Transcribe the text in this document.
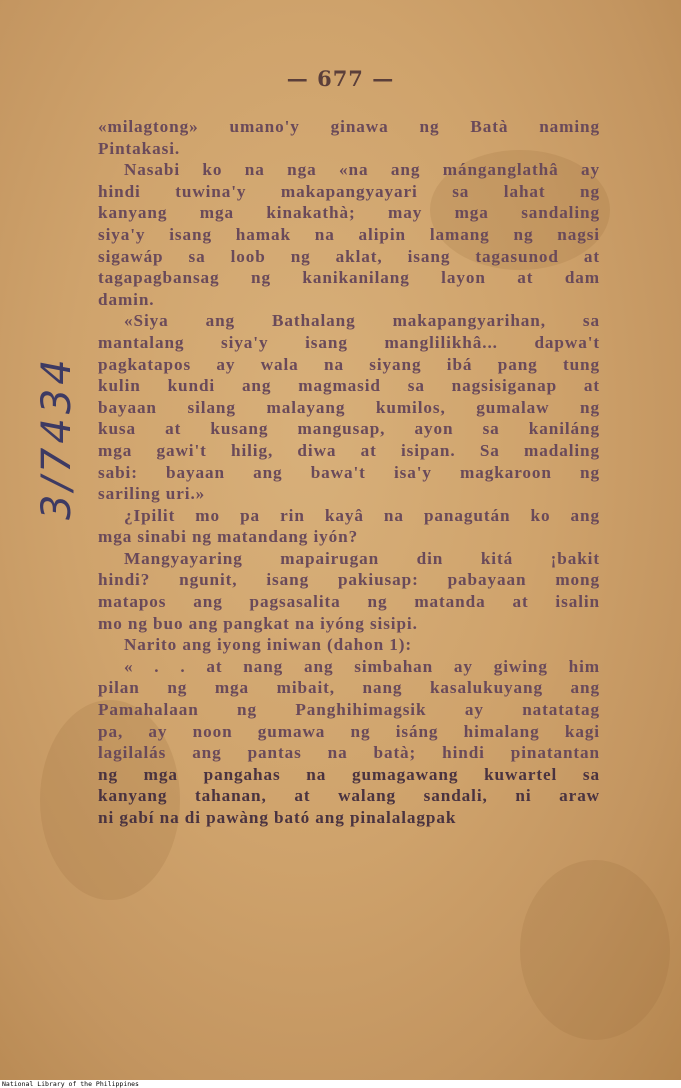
— 677 —
3/7434
«milagtong» umano'y ginawa ng Batà naming
Pintakasi.
Nasabi ko na nga «na ang mánganglathâ ay
hindi tuwina'y makapangyayari sa lahat ng
kanyang mga kinakathà; may mga sandaling
siya'y isang hamak na alipin lamang ng nagsi
sigawáp sa loob ng aklat, isang tagasunod at
tagapagbansag ng kanikanilang layon at dam
damin.
«Siya ang Bathalang makapangyarihan, sa
mantalang siya'y isang manglilikhâ... dapwa't
pagkatapos ay wala na siyang ibá pang tung
kulin kundi ang magmasid sa nagsisiganap at
bayaan silang malayang kumilos, gumalaw ng
kusa at kusang mangusap, ayon sa kaniláng
mga gawi't hilig, diwa at isipan. Sa madaling
sabi: bayaan ang bawa't isa'y magkaroon ng
sariling uri.»
¿Ipilit mo pa rin kayâ na panagután ko ang
mga sinabi ng matandang iyón?
Mangyayaring mapairugan din kitá ¡bakit
hindi? ngunit, isang pakiusap: pabayaan mong
matapos ang pagsasalita ng matanda at isalin
mo ng buo ang pangkat na iyóng sisipi.
Narito ang iyong iniwan (dahon 1):
« . . at nang ang simbahan ay giwing him
pilan ng mga mibait, nang kasalukuyang ang
Pamahalaan ng Panghihimagsik ay natatatag
pa, ay noon gumawa ng isáng himalang kagi
lagilalás ang pantas na batà; hindi pinatantan
ng mga pangahas na gumagawang kuwartel sa
kanyang tahanan, at walang sandali, ni araw
ni gabí na di pawàng bató ang pinalalagpak
National Library of the Philippines
